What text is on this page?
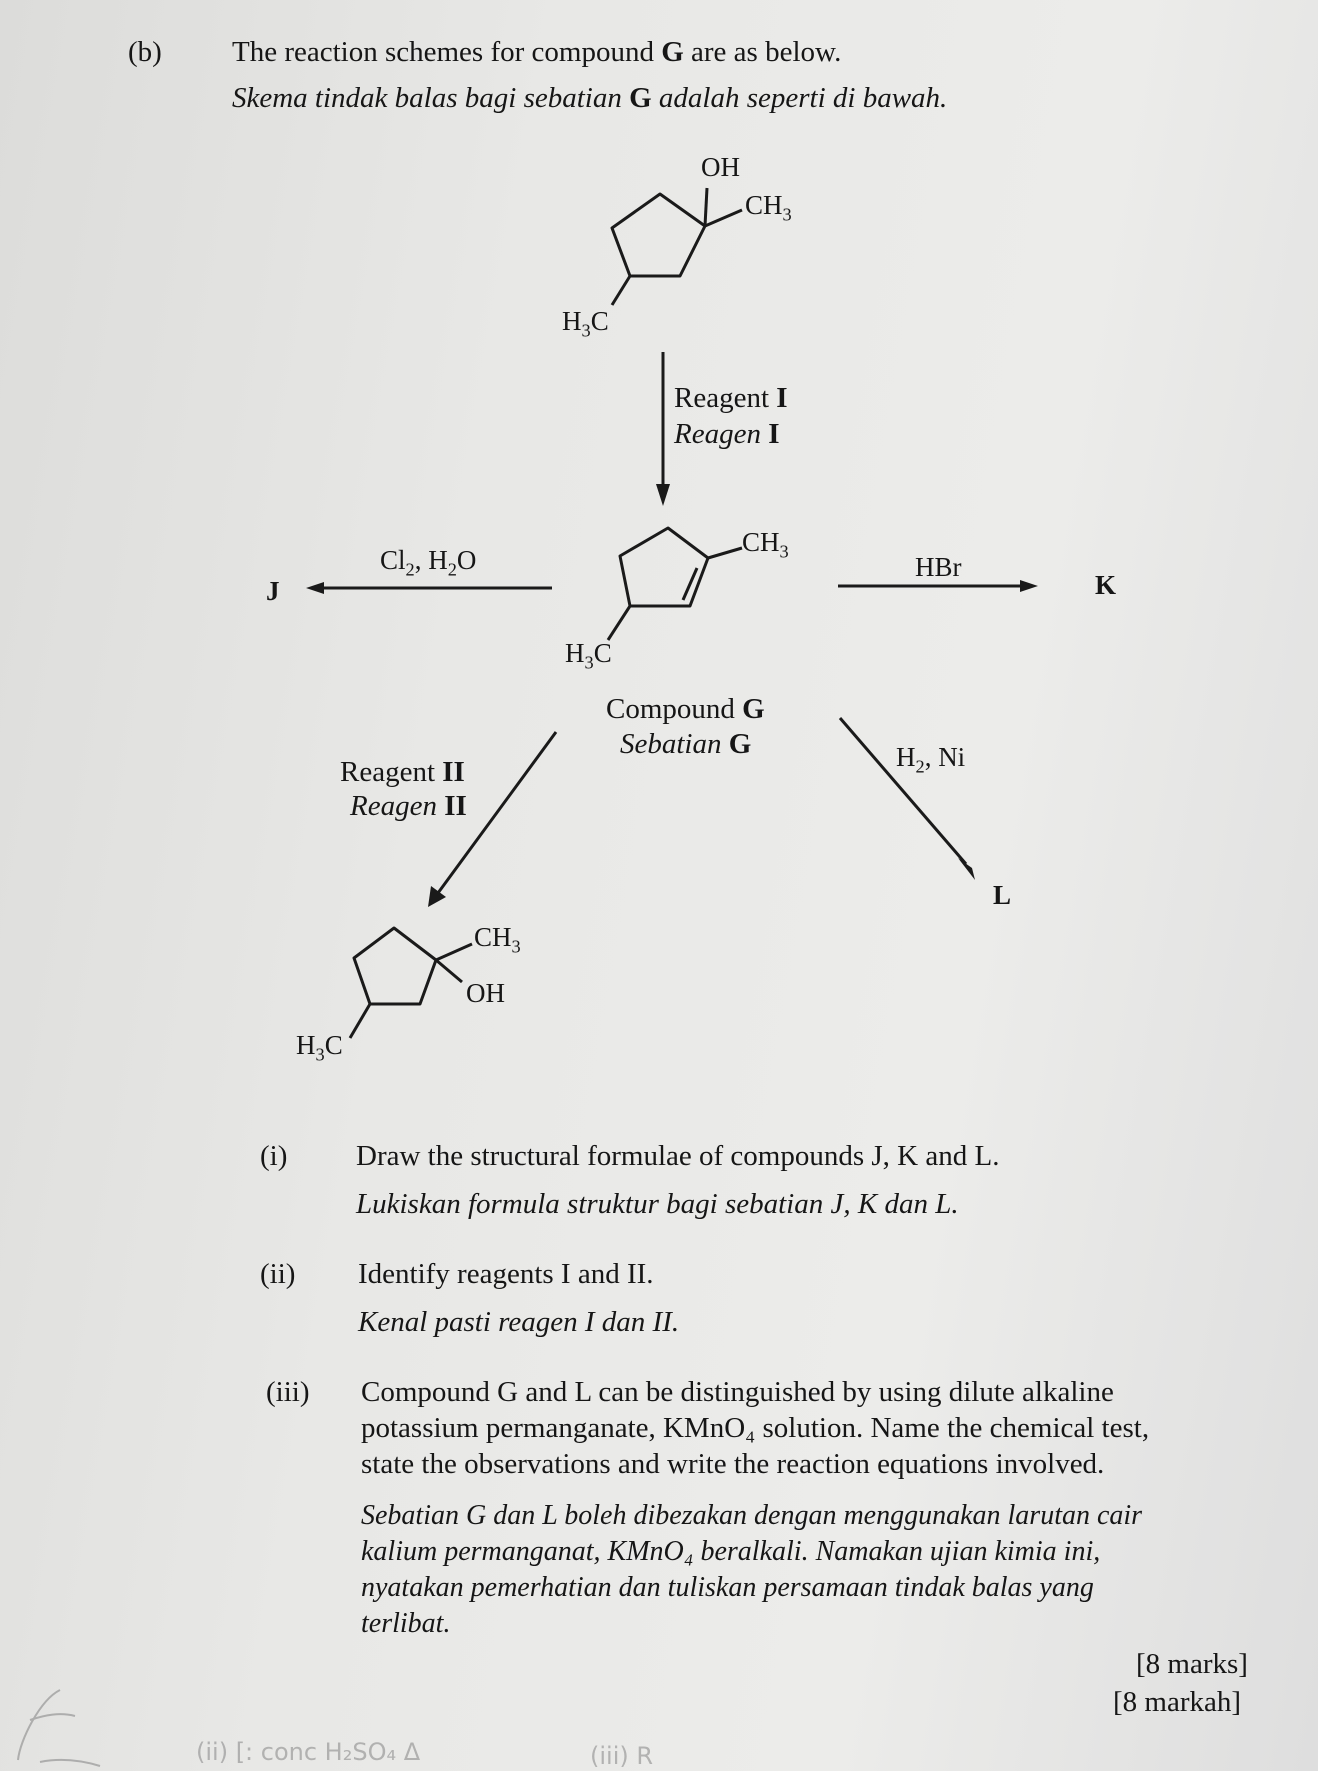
(b) The reaction schemes for compound G are as below.
Skema tindak balas bagi sebatian G adalah seperti di bawah.
OH
$CH_3$
$H_3C$
Reagent I
Reagen I
$CH_3$
$H_3C$
$Cl_2$, $H_2O$
J
HBr
K
Compound G
Sebatian G
Reagent II
Reagen II
$H_2$, Ni
L
$CH_3$
OH
$H_3C$
(i) Draw the structural formulae of compounds J, K and L.
Lukiskan formula struktur bagi sebatian J, K dan L.
(ii) Identify reagents I and II.
Kenal pasti reagen I dan II.
(iii) Compound G and L can be distinguished by using dilute alkaline
potassium permanganate, KMnO₄ solution. Name the chemical test,
state the observations and write the reaction equations involved.
Sebatian G dan L boleh dibezakan dengan menggunakan larutan cair
kalium permanganat, KMnO₄ beralkali. Namakan ujian kimia ini,
nyatakan pemerhatian dan tuliskan persamaan tindak balas yang
terlibat.
[8 marks]
[8 markah]
(ii) [: conc H₂SO₄ Δ	(iii) R
